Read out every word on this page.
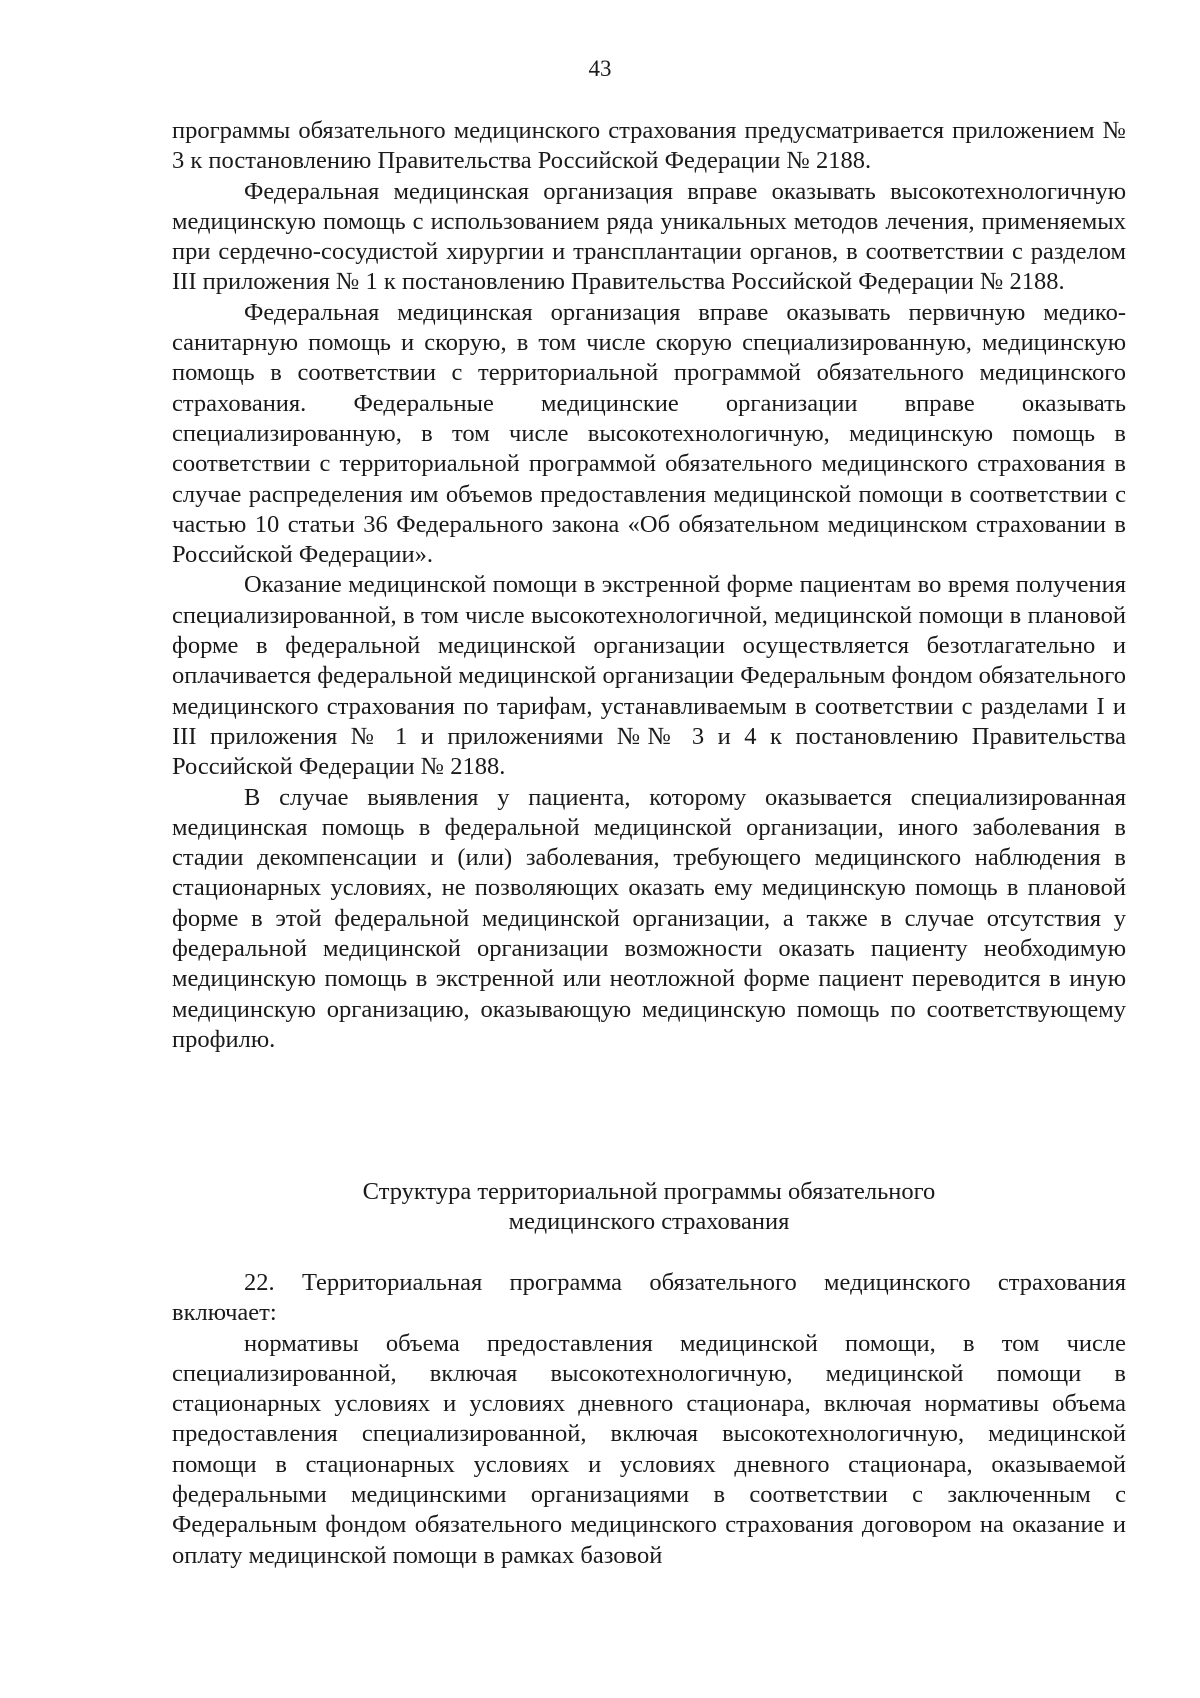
43

программы обязательного медицинского страхования предусматривается приложением № 3 к постановлению Правительства Российской Федерации № 2188.

Федеральная медицинская организация вправе оказывать высокотехнологичную медицинскую помощь с использованием ряда уникальных методов лечения, применяемых при сердечно-сосудистой хирургии и трансплантации органов, в соответствии с разделом III приложения № 1 к постановлению Правительства Российской Федерации № 2188.

Федеральная медицинская организация вправе оказывать первичную медико-санитарную помощь и скорую, в том числе скорую специализированную, медицинскую помощь в соответствии с территориальной программой обязательного медицинского страхования. Федеральные медицинские организации вправе оказывать специализированную, в том числе высокотехнологичную, медицинскую помощь в соответствии с территориальной программой обязательного медицинского страхования в случае распределения им объемов предоставления медицинской помощи в соответствии с частью 10 статьи 36 Федерального закона «Об обязательном медицинском страховании в Российской Федерации».

Оказание медицинской помощи в экстренной форме пациентам во время получения специализированной, в том числе высокотехнологичной, медицинской помощи в плановой форме в федеральной медицинской организации осуществляется безотлагательно и оплачивается федеральной медицинской организации Федеральным фондом обязательного медицинского страхования по тарифам, устанавливаемым в соответствии с разделами I и III приложения № 1 и приложениями №№ 3 и 4 к постановлению Правительства Российской Федерации № 2188.

В случае выявления у пациента, которому оказывается специализированная медицинская помощь в федеральной медицинской организации, иного заболевания в стадии декомпенсации и (или) заболевания, требующего медицинского наблюдения в стационарных условиях, не позволяющих оказать ему медицинскую помощь в плановой форме в этой федеральной медицинской организации, а также в случае отсутствия у федеральной медицинской организации возможности оказать пациенту необходимую медицинскую помощь в экстренной или неотложной форме пациент переводится в иную медицинскую организацию, оказывающую медицинскую помощь по соответствующему профилю.

Структура территориальной программы обязательного
медицинского страхования

22. Территориальная программа обязательного медицинского страхования включает:

нормативы объема предоставления медицинской помощи, в том числе специализированной, включая высокотехнологичную, медицинской помощи в стационарных условиях и условиях дневного стационара, включая нормативы объема предоставления специализированной, включая высокотехнологичную, медицинской помощи в стационарных условиях и условиях дневного стационара, оказываемой федеральными медицинскими организациями в соответствии с заключенным с Федеральным фондом обязательного медицинского страхования договором на оказание и оплату медицинской помощи в рамках базовой
